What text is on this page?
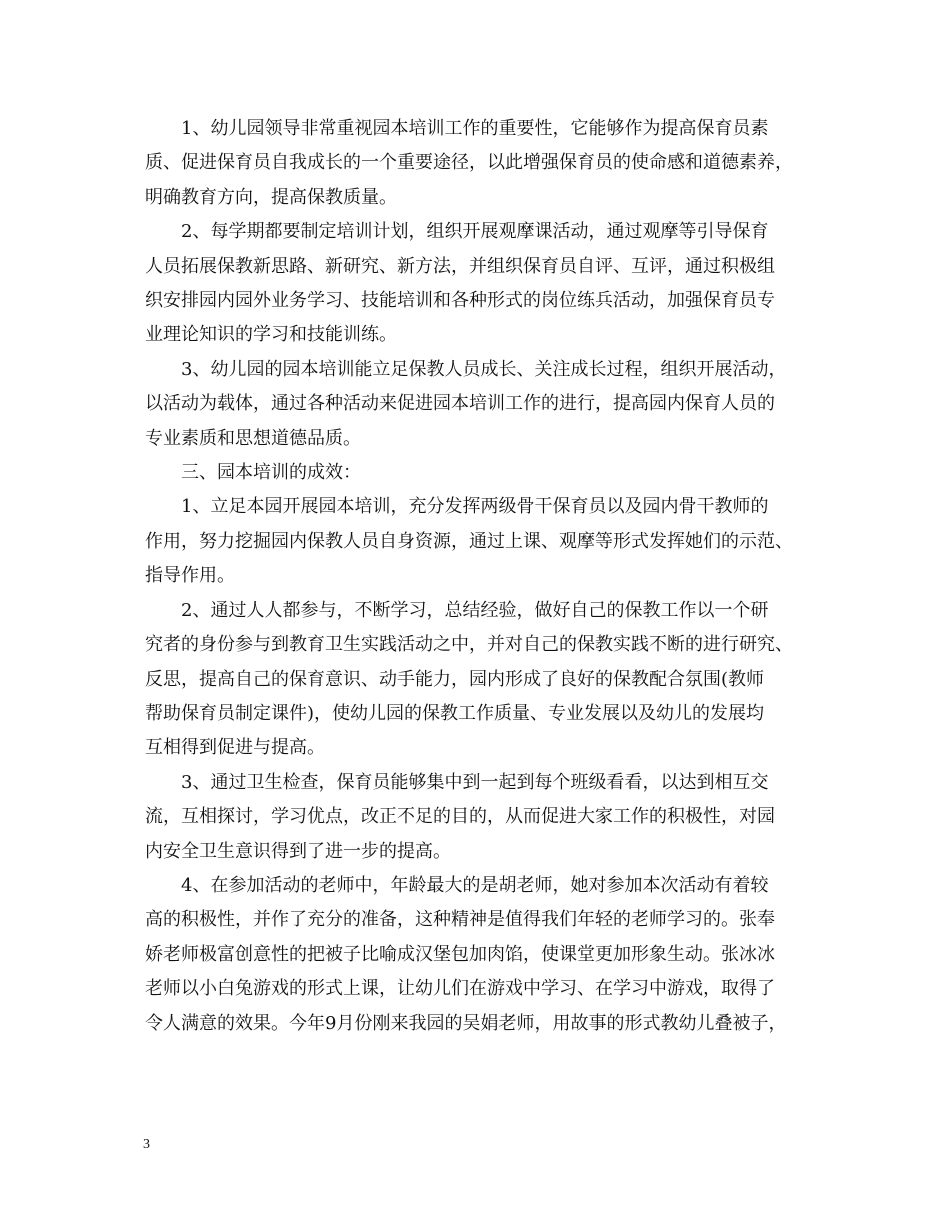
1、幼儿园领导非常重视园本培训工作的重要性，它能够作为提高保育员素
质、促进保育员自我成长的一个重要途径，以此增强保育员的使命感和道德素养，
明确教育方向，提高保教质量。

2、每学期都要制定培训计划，组织开展观摩课活动，通过观摩等引导保育
人员拓展保教新思路、新研究、新方法，并组织保育员自评、互评，通过积极组
织安排园内园外业务学习、技能培训和各种形式的岗位练兵活动，加强保育员专
业理论知识的学习和技能训练。

3、幼儿园的园本培训能立足保教人员成长、关注成长过程，组织开展活动，
以活动为载体，通过各种活动来促进园本培训工作的进行，提高园内保育人员的
专业素质和思想道德品质。

三、园本培训的成效：

1、立足本园开展园本培训，充分发挥两级骨干保育员以及园内骨干教师的
作用，努力挖掘园内保教人员自身资源，通过上课、观摩等形式发挥她们的示范、
指导作用。

2、通过人人都参与，不断学习，总结经验，做好自己的保教工作以一个研
究者的身份参与到教育卫生实践活动之中，并对自己的保教实践不断的进行研究、
反思，提高自己的保育意识、动手能力，园内形成了良好的保教配合氛围(教师
帮助保育员制定课件)，使幼儿园的保教工作质量、专业发展以及幼儿的发展均
互相得到促进与提高。

3、通过卫生检查，保育员能够集中到一起到每个班级看看，以达到相互交
流，互相探讨，学习优点，改正不足的目的，从而促进大家工作的积极性，对园
内安全卫生意识得到了进一步的提高。

4、在参加活动的老师中，年龄最大的是胡老师，她对参加本次活动有着较
高的积极性，并作了充分的准备，这种精神是值得我们年轻的老师学习的。张奉
娇老师极富创意性的把被子比喻成汉堡包加肉馅，使课堂更加形象生动。张冰冰
老师以小白兔游戏的形式上课，让幼儿们在游戏中学习、在学习中游戏，取得了
令人满意的效果。今年9月份刚来我园的吴娟老师，用故事的形式教幼儿叠被子，

3
